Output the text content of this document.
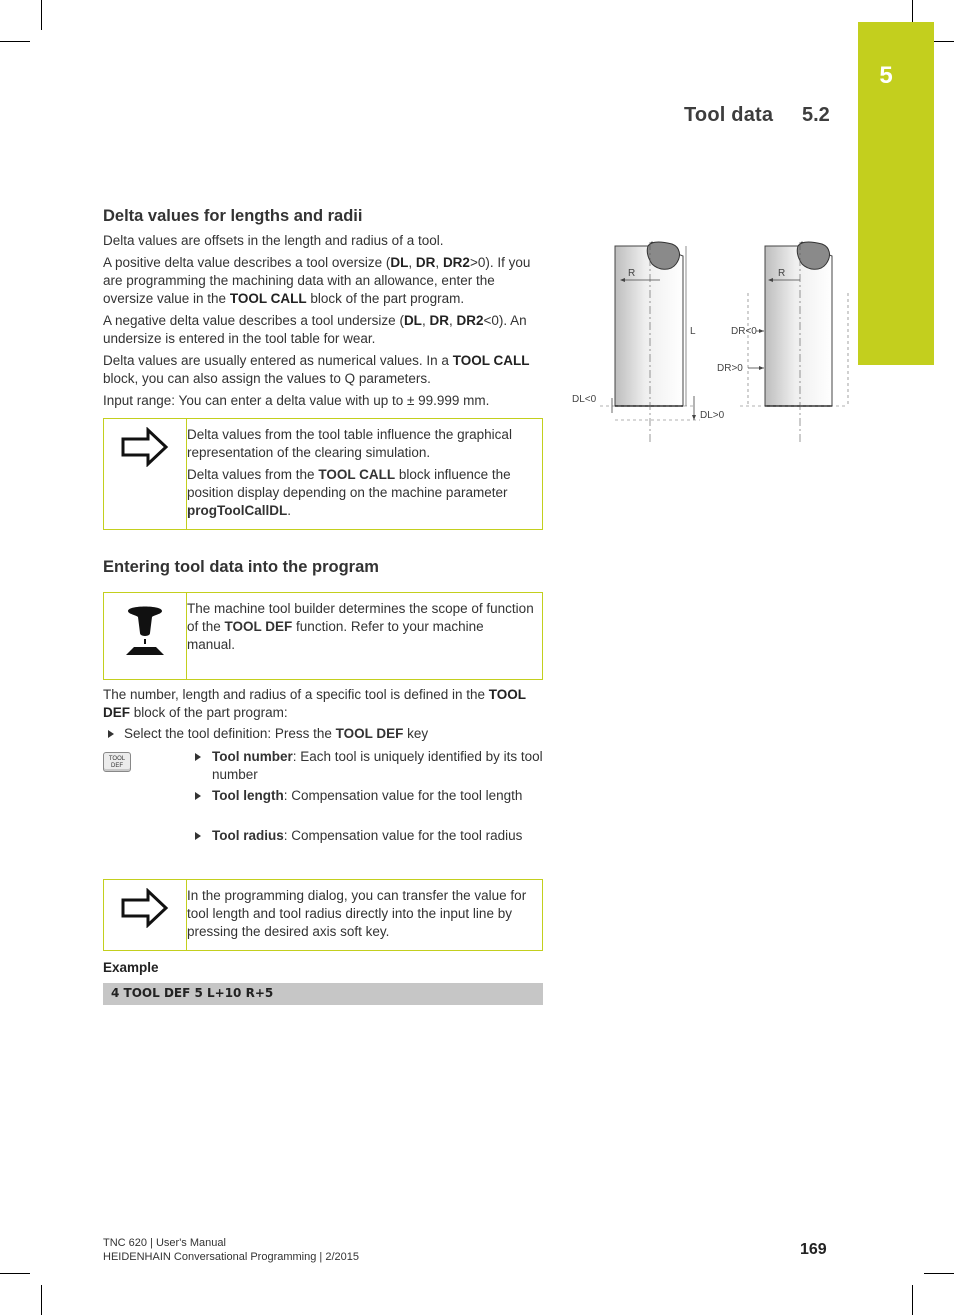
5
Tool data 5.2
Delta values for lengths and radii

Delta values are offsets in the length and radius of a tool.

A positive delta value describes a tool oversize (DL, DR, DR2>0). If you are programming the machining data with an allowance, enter the oversize value in the TOOL CALL block of the part program.

A negative delta value describes a tool undersize (DL, DR, DR2<0). An undersize is entered in the tool table for wear.

Delta values are usually entered as numerical values. In a TOOL CALL block, you can also assign the values to Q parameters.

Input range: You can enter a delta value with up to ± 99.999 mm.

Delta values from the tool table influence the graphical representation of the clearing simulation.
Delta values from the TOOL CALL block influence the position display depending on the machine parameter progToolCallDL.
R
L
DL<0
DL>0
R
DR<0
DR>0
Entering tool data into the program
The machine tool builder determines the scope of function of the TOOL DEF function. Refer to your machine manual.

The number, length and radius of a specific tool is defined in the TOOL DEF block of the part program:

Select the tool definition: Press the TOOL DEF key
TOOL
DEF
Tool number: Each tool is uniquely identified by its tool number
Tool length: Compensation value for the tool length
Tool radius: Compensation value for the tool radius
In the programming dialog, you can transfer the value for tool length and tool radius directly into the input line by pressing the desired axis soft key.
Example
4 TOOL DEF 5 L+10 R+5
TNC 620 | User's Manual
HEIDENHAIN Conversational Programming | 2/2015	169
